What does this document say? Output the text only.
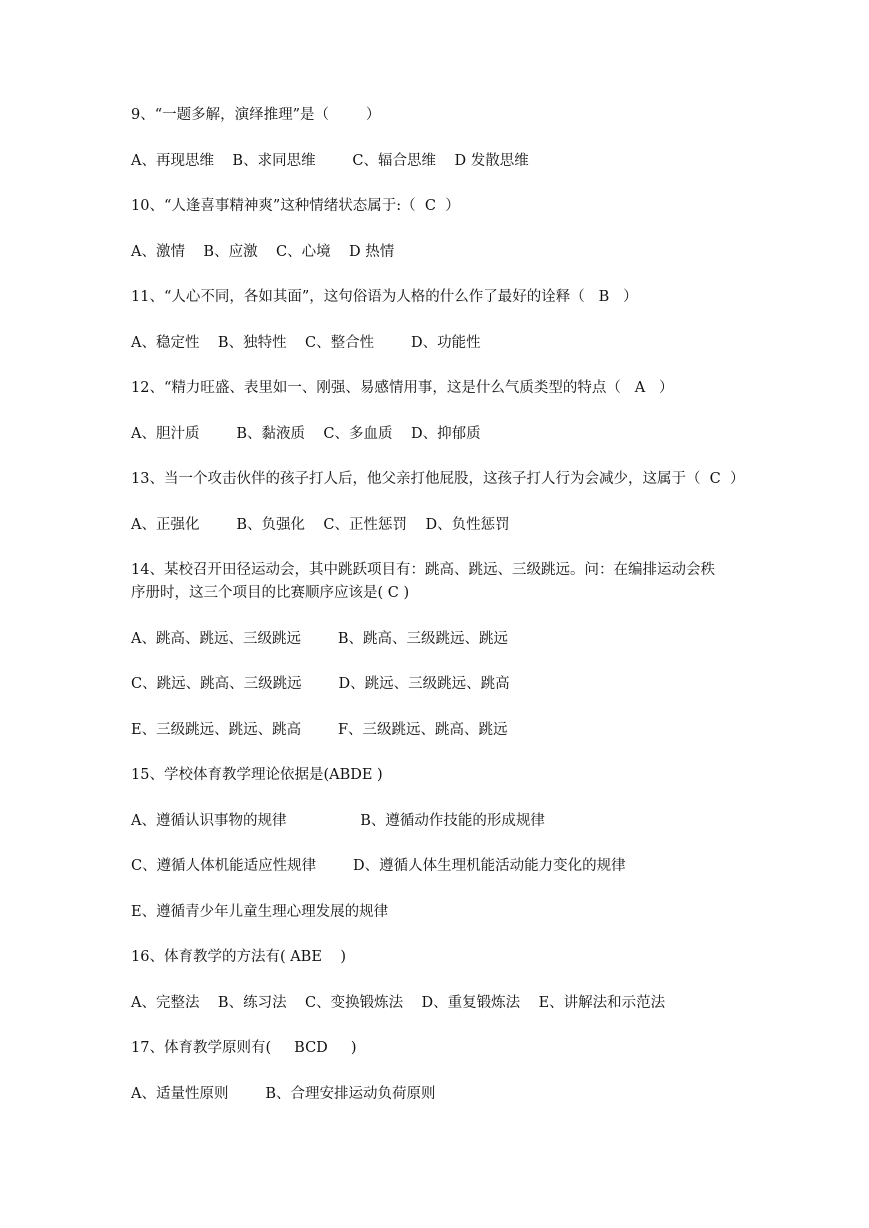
9、“一题多解，演绎推理”是（        ）
A、再现思维    B、求同思维        C、辐合思维    D 发散思维
10、“人逢喜事精神爽”这种情绪状态属于:（  C  ）
A、激情    B、应激    C、心境    D 热情
11、“人心不同，各如其面”，这句俗语为人格的什么作了最好的诠释（   B   ）
A、稳定性    B、独特性    C、整合性        D、功能性
12、“精力旺盛、表里如一、刚强、易感情用事，这是什么气质类型的特点（   A   ）
A、胆汁质        B、黏液质    C、多血质    D、抑郁质
13、当一个攻击伙伴的孩子打人后，他父亲打他屁股，这孩子打人行为会减少，这属于（  C  ）
A、正强化        B、负强化    C、正性惩罚    D、负性惩罚
14、某校召开田径运动会，其中跳跃项目有：跳高、跳远、三级跳远。问：在编排运动会秩
序册时，这三个项目的比赛顺序应该是( C )
A、跳高、跳远、三级跳远        B、跳高、三级跳远、跳远
C、跳远、跳高、三级跳远        D、跳远、三级跳远、跳高
E、三级跳远、跳远、跳高        F、三级跳远、跳高、跳远
15、学校体育教学理论依据是(ABDE )
A、遵循认识事物的规律                B、遵循动作技能的形成规律
C、遵循人体机能适应性规律        D、遵循人体生理机能活动能力变化的规律
E、遵循青少年儿童生理心理发展的规律
16、体育教学的方法有( ABE    )
A、完整法    B、练习法    C、变换锻炼法    D、重复锻炼法    E、讲解法和示范法
17、体育教学原则有(     BCD     )
A、适量性原则        B、合理安排运动负荷原则
